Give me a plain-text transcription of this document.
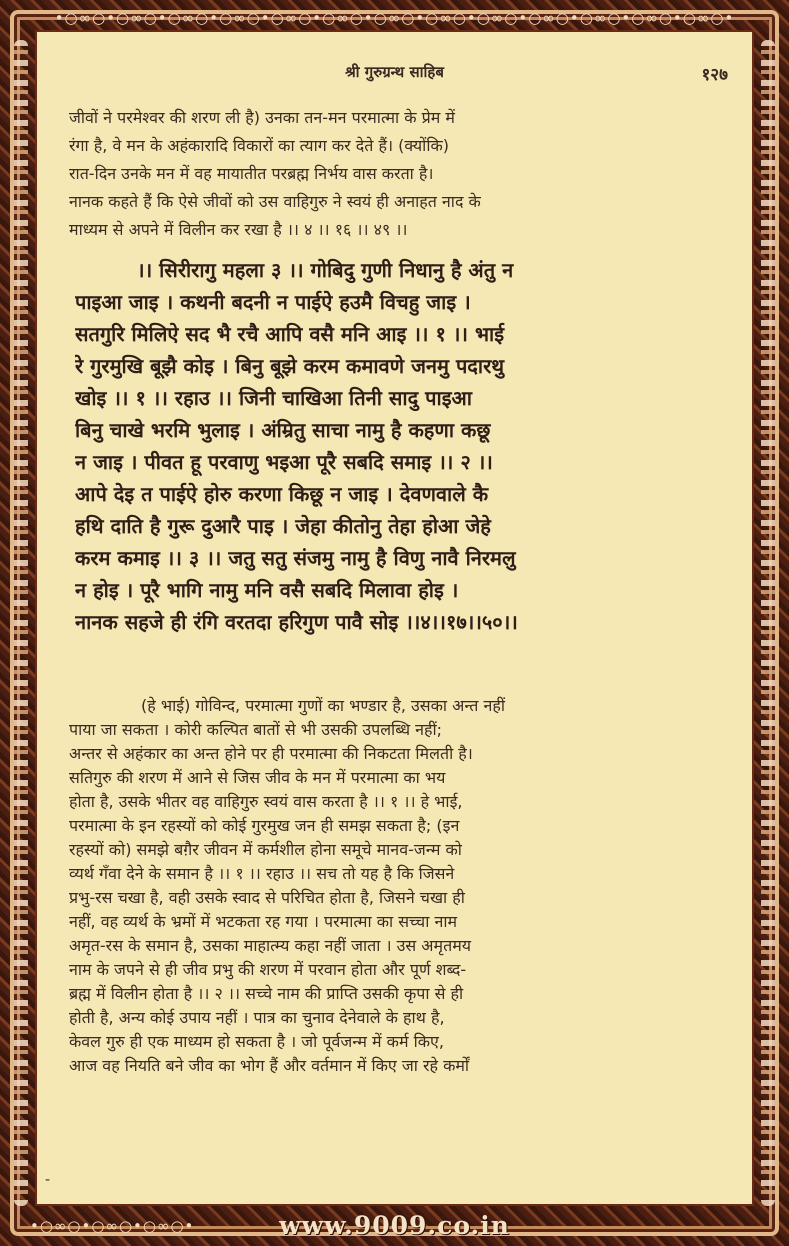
•○∞○•○∞○•○∞○•○∞○•○∞○•○∞○•○∞○•○∞○•○∞○•○∞○•○∞○•○∞○•○∞○•
श्री गुरुग्रन्थ साहिब	१२७
जीवों ने परमेश्वर की शरण ली है) उनका तन-मन परमात्मा के प्रेम में
रंगा है, वे मन के अहंकारादि विकारों का त्याग कर देते हैं। (क्योंकि)
रात-दिन उनके मन में वह मायातीत परब्रह्म निर्भय वास करता है।
नानक कहते हैं कि ऐसे जीवों को उस वाहिगुरु ने स्वयं ही अनाहत नाद के
माध्यम से अपने में विलीन कर रखा है ।। ४ ।। १६ ।। ४९ ।।
।। सिरीरागु महला ३ ।। गोबिदु गुणी निधानु है अंतु न
पाइआ जाइ । कथनी बदनी न पाईऐ हउमै विचहु जाइ ।
सतगुरि मिलिऐ सद भै रचै आपि वसै मनि आइ ।। १ ।। भाई
रे गुरमुखि बूझै कोइ । बिनु बूझे करम कमावणे जनमु पदारथु
खोइ ।। १ ।। रहाउ ।। जिनी चाखिआ तिनी सादु पाइआ
बिनु चाखे भरमि भुलाइ । अंम्रितु साचा नामु है कहणा कछू
न जाइ । पीवत हू परवाणु भइआ पूरै सबदि समाइ ।। २ ।।
आपे देइ त पाईऐ होरु करणा किछू न जाइ । देवणवाले कै
हथि दाति है गुरू दुआरै पाइ । जेहा कीतोनु तेहा होआ जेहे
करम कमाइ ।। ३ ।। जतु सतु संजमु नामु है विणु नावै निरमलु
न होइ । पूरै भागि नामु मनि वसै सबदि मिलावा होइ ।
नानक सहजे ही रंगि वरतदा हरिगुण पावै सोइ ।।४।।१७।।५०।।
(हे भाई) गोविन्द, परमात्मा गुणों का भण्डार है, उसका अन्त नहीं
पाया जा सकता । कोरी कल्पित बातों से भी उसकी उपलब्धि नहीं;
अन्तर से अहंकार का अन्त होने पर ही परमात्मा की निकटता मिलती है।
सतिगुरु की शरण में आने से जिस जीव के मन में परमात्मा का भय
होता है, उसके भीतर वह वाहिगुरु स्वयं वास करता है ।। १ ।। हे भाई,
परमात्मा के इन रहस्यों को कोई गुरमुख जन ही समझ सकता है; (इन
रहस्यों को) समझे बग़ैर जीवन में कर्मशील होना समूचे मानव-जन्म को
व्यर्थ गँवा देने के समान है ।। १ ।। रहाउ ।। सच तो यह है कि जिसने
प्रभु-रस चखा है, वही उसके स्वाद से परिचित होता है, जिसने चखा ही
नहीं, वह व्यर्थ के भ्रमों में भटकता रह गया । परमात्मा का सच्चा नाम
अमृत-रस के समान है, उसका माहात्म्य कहा नहीं जाता । उस अमृतमय
नाम के जपने से ही जीव प्रभु की शरण में परवान होता और पूर्ण शब्द-
ब्रह्म में विलीन होता है ।। २ ।। सच्चे नाम की प्राप्ति उसकी कृपा से ही
होती है, अन्य कोई उपाय नहीं । पात्र का चुनाव देनेवाले के हाथ है,
केवल गुरु ही एक माध्यम हो सकता है । जो पूर्वजन्म में कर्म किए,
आज वह नियति बने जीव का भोग हैं और वर्तमान में किए जा रहे कर्मों
-
•○∞○•○∞○•○∞○•	www.9009.co.in
